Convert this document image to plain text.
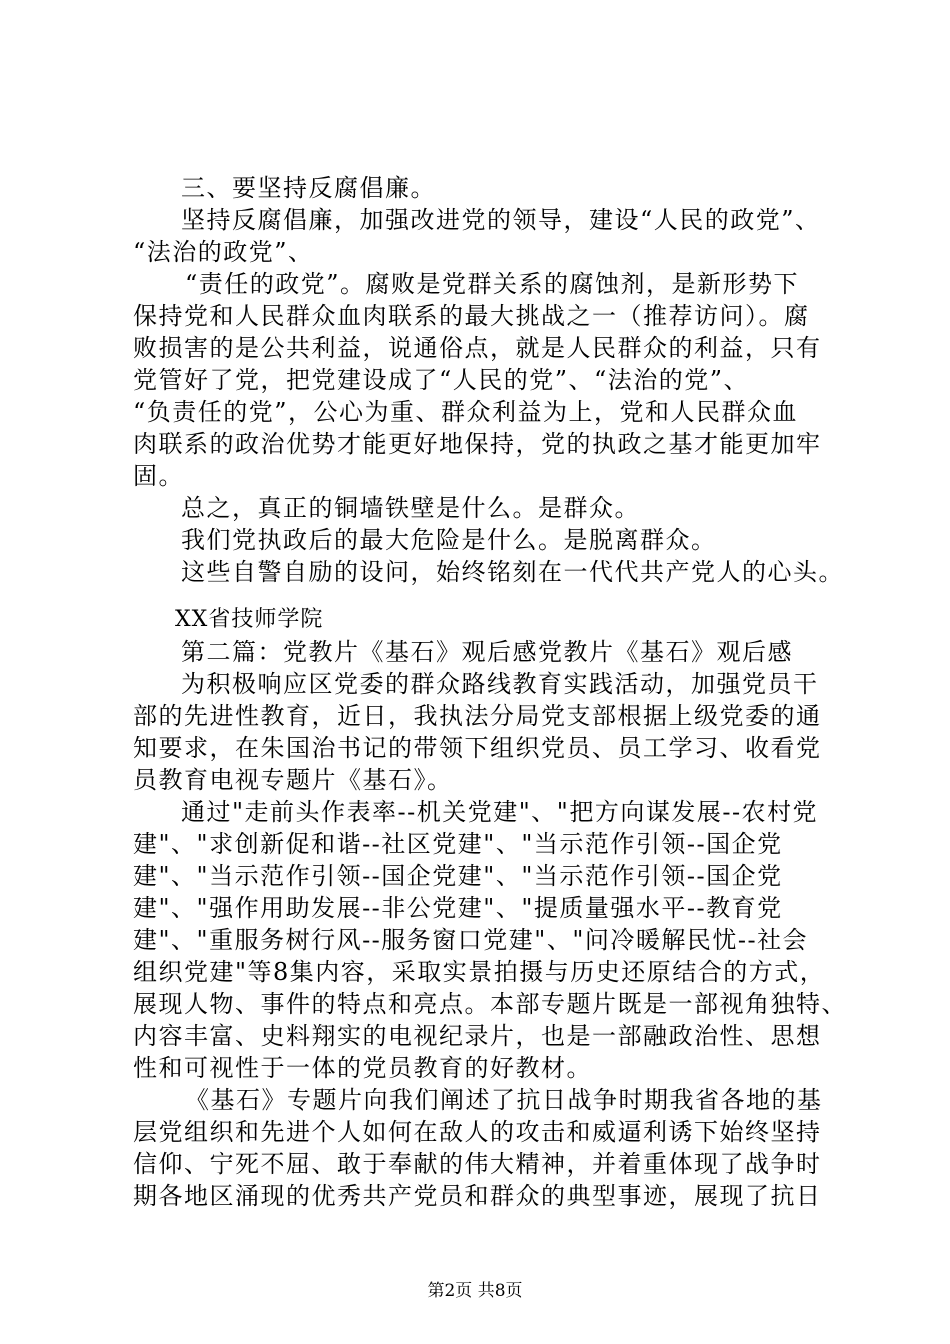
三、要坚持反腐倡廉。
坚持反腐倡廉，加强改进党的领导，建设“人民的政党”、
“法治的政党”、
“责任的政党”。腐败是党群关系的腐蚀剂，是新形势下
保持党和人民群众血肉联系的最大挑战之一（推荐访问）。腐
败损害的是公共利益，说通俗点，就是人民群众的利益，只有
党管好了党，把党建设成了“人民的党”、“法治的党”、
“负责任的党”，公心为重、群众利益为上，党和人民群众血
肉联系的政治优势才能更好地保持，党的执政之基才能更加牢
固。
总之，真正的铜墙铁壁是什么。是群众。
我们党执政后的最大危险是什么。是脱离群众。
这些自警自励的设问，始终铭刻在一代代共产党人的心头。
XX省技师学院
第二篇：党教片《基石》观后感党教片《基石》观后感
为积极响应区党委的群众路线教育实践活动，加强党员干
部的先进性教育，近日，我执法分局党支部根据上级党委的通
知要求，在朱国治书记的带领下组织党员、员工学习、收看党
员教育电视专题片《基石》。
通过"走前头作表率--机关党建"、"把方向谋发展--农村党
建"、"求创新促和谐--社区党建"、"当示范作引领--国企党
建"、"当示范作引领--国企党建"、"当示范作引领--国企党
建"、"强作用助发展--非公党建"、"提质量强水平--教育党
建"、"重服务树行风--服务窗口党建"、"问冷暖解民忧--社会
组织党建"等8集内容，采取实景拍摄与历史还原结合的方式，
展现人物、事件的特点和亮点。本部专题片既是一部视角独特、
内容丰富、史料翔实的电视纪录片，也是一部融政治性、思想
性和可视性于一体的党员教育的好教材。
《基石》专题片向我们阐述了抗日战争时期我省各地的基
层党组织和先进个人如何在敌人的攻击和威逼利诱下始终坚持
信仰、宁死不屈、敢于奉献的伟大精神，并着重体现了战争时
期各地区涌现的优秀共产党员和群众的典型事迹，展现了抗日
第2页 共8页
